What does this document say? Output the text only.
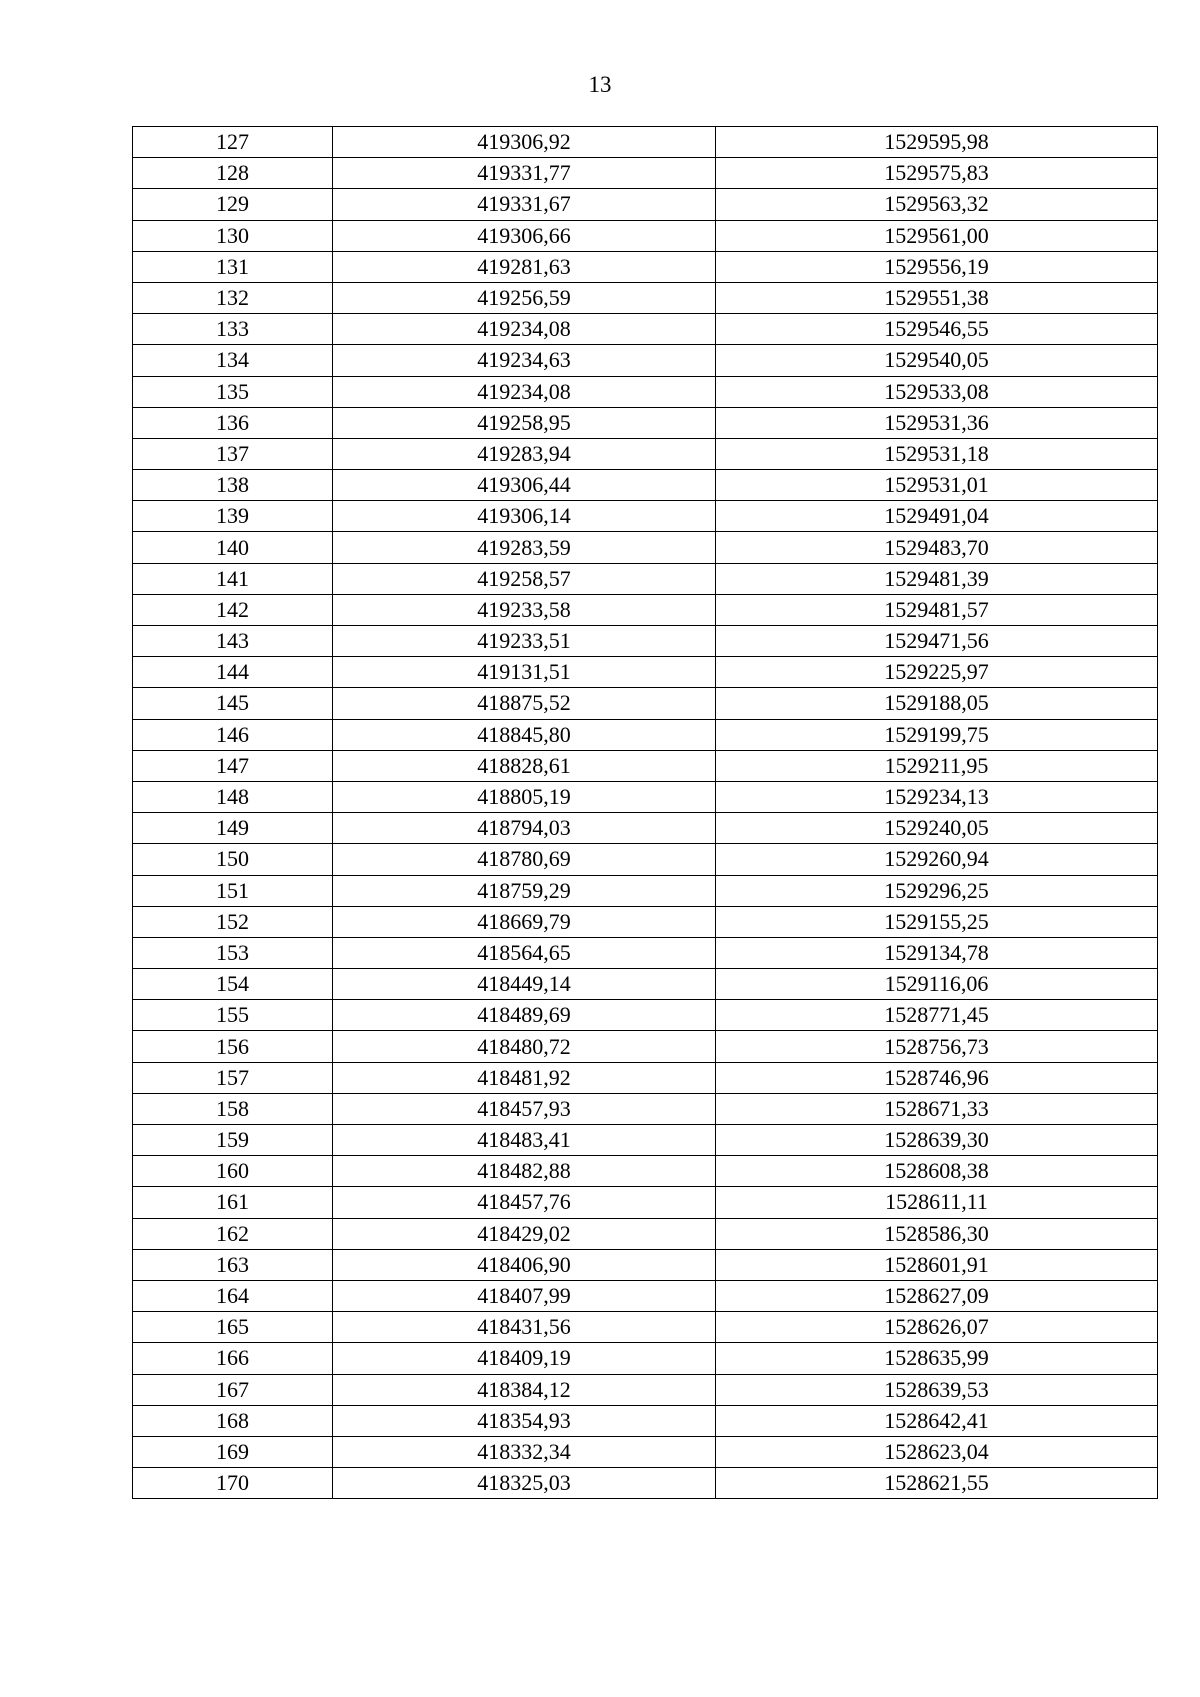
13
127	419306,92	1529595,98
128	419331,77	1529575,83
129	419331,67	1529563,32
130	419306,66	1529561,00
131	419281,63	1529556,19
132	419256,59	1529551,38
133	419234,08	1529546,55
134	419234,63	1529540,05
135	419234,08	1529533,08
136	419258,95	1529531,36
137	419283,94	1529531,18
138	419306,44	1529531,01
139	419306,14	1529491,04
140	419283,59	1529483,70
141	419258,57	1529481,39
142	419233,58	1529481,57
143	419233,51	1529471,56
144	419131,51	1529225,97
145	418875,52	1529188,05
146	418845,80	1529199,75
147	418828,61	1529211,95
148	418805,19	1529234,13
149	418794,03	1529240,05
150	418780,69	1529260,94
151	418759,29	1529296,25
152	418669,79	1529155,25
153	418564,65	1529134,78
154	418449,14	1529116,06
155	418489,69	1528771,45
156	418480,72	1528756,73
157	418481,92	1528746,96
158	418457,93	1528671,33
159	418483,41	1528639,30
160	418482,88	1528608,38
161	418457,76	1528611,11
162	418429,02	1528586,30
163	418406,90	1528601,91
164	418407,99	1528627,09
165	418431,56	1528626,07
166	418409,19	1528635,99
167	418384,12	1528639,53
168	418354,93	1528642,41
169	418332,34	1528623,04
170	418325,03	1528621,55
